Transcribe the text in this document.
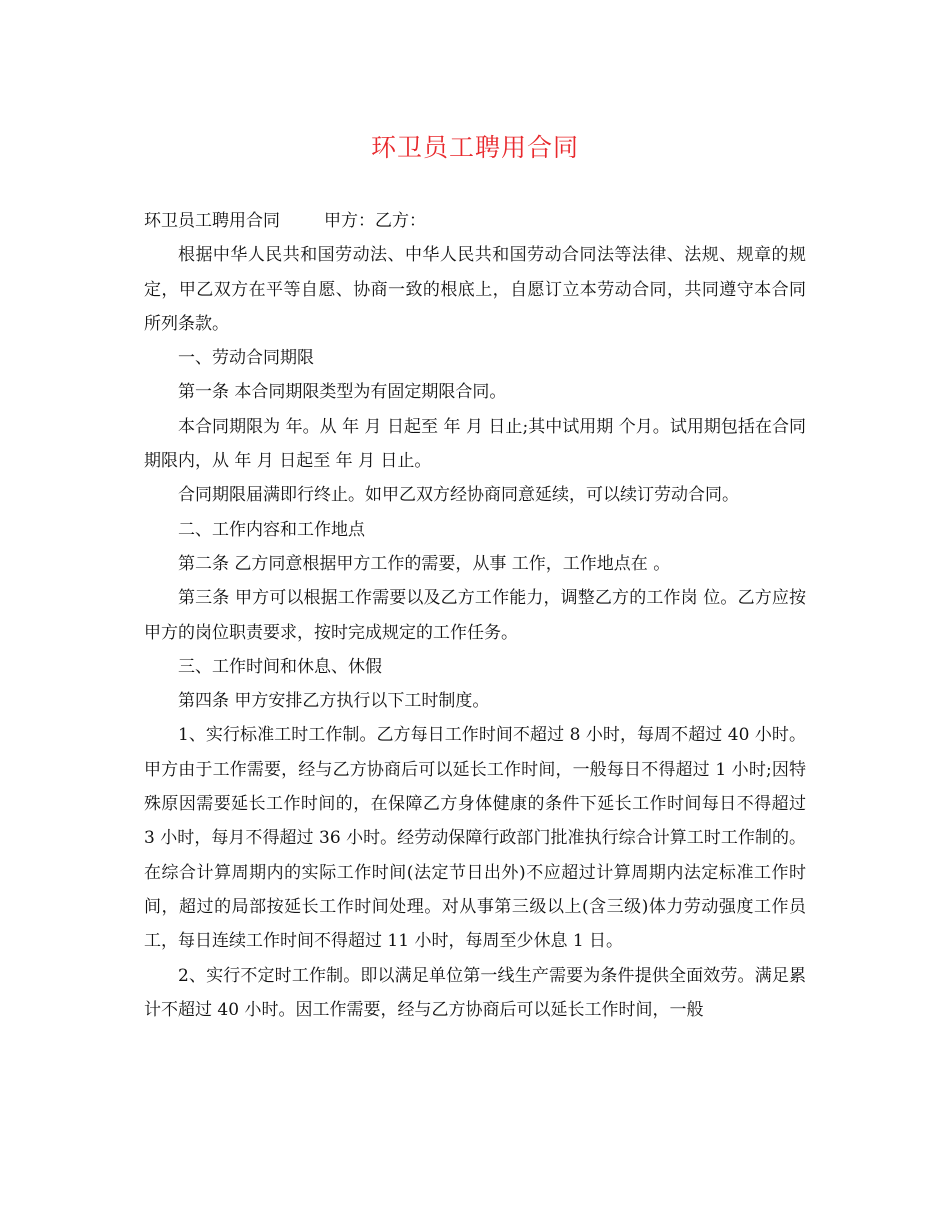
环卫员工聘用合同

环卫员工聘用合同	甲方：乙方：

根据中华人民共和国劳动法、中华人民共和国劳动合同法等法律、法规、规章的规定，甲乙双方在平等自愿、协商一致的根底上，自愿订立本劳动合同，共同遵守本合同所列条款。

一、劳动合同期限

第一条 本合同期限类型为有固定期限合同。

本合同期限为 年。从 年 月 日起至 年 月 日止;其中试用期 个月。试用期包括在合同期限内，从 年 月 日起至 年 月 日止。

合同期限届满即行终止。如甲乙双方经协商同意延续，可以续订劳动合同。

二、工作内容和工作地点

第二条 乙方同意根据甲方工作的需要，从事 工作，工作地点在 。

第三条 甲方可以根据工作需要以及乙方工作能力，调整乙方的工作岗 位。乙方应按甲方的岗位职责要求，按时完成规定的工作任务。

三、工作时间和休息、休假

第四条 甲方安排乙方执行以下工时制度。

1、实行标准工时工作制。乙方每日工作时间不超过 8 小时，每周不超过 40 小时。甲方由于工作需要，经与乙方协商后可以延长工作时间，一般每日不得超过 1 小时;因特殊原因需要延长工作时间的，在保障乙方身体健康的条件下延长工作时间每日不得超过 3 小时，每月不得超过 36 小时。经劳动保障行政部门批准执行综合计算工时工作制的。在综合计算周期内的实际工作时间(法定节日出外)不应超过计算周期内法定标准工作时间，超过的局部按延长工作时间处理。对从事第三级以上(含三级)体力劳动强度工作员工，每日连续工作时间不得超过 11 小时，每周至少休息 1 日。

2、实行不定时工作制。即以满足单位第一线生产需要为条件提供全面效劳。满足累计不超过 40 小时。因工作需要，经与乙方协商后可以延长工作时间，一般
